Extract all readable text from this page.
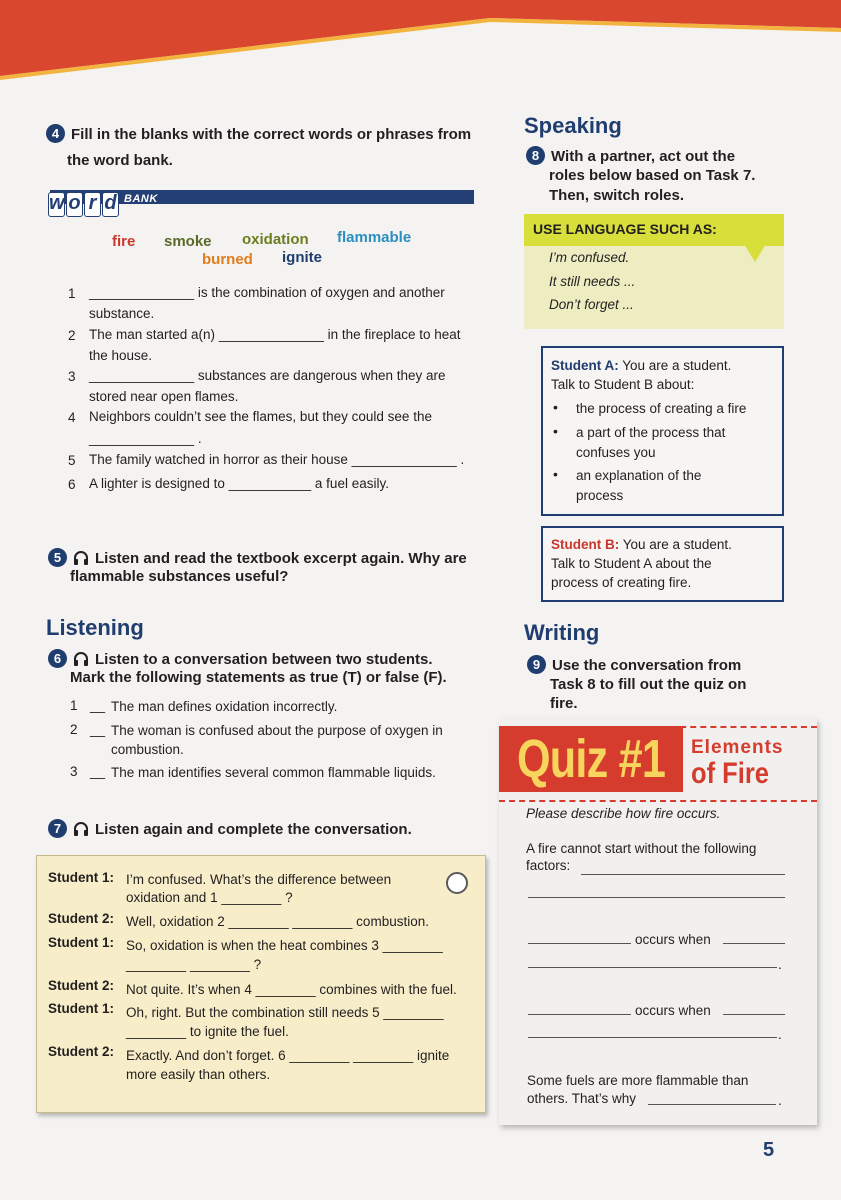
4 Fill in the blanks with the correct words or phrases from
the word bank.
w o r d BANK
fire smoke oxidation flammable
burned ignite
1 ______________ is the combination of oxygen and another
substance.
2 The man started a(n) ______________ in the fireplace to heat
the house.
3 ______________ substances are dangerous when they are
stored near open flames.
4 Neighbors couldn’t see the flames, but they could see the
______________ .
5 The family watched in horror as their house ______________ .
6 A lighter is designed to ___________ a fuel easily.
5 Listen and read the textbook excerpt again. Why are
flammable substances useful?
Listening
6 Listen to a conversation between two students.
Mark the following statements as true (T) or false (F).
1 __ The man defines oxidation incorrectly.
2 __ The woman is confused about the purpose of oxygen in
combustion.
3 __ The man identifies several common flammable liquids.
7 Listen again and complete the conversation.
Student 1: I’m confused. What’s the difference between
oxidation and 1 ________ ?
Student 2: Well, oxidation 2 ________ ________ combustion.
Student 1: So, oxidation is when the heat combines 3 ________
________ ________ ?
Student 2: Not quite. It’s when 4 ________ combines with the fuel.
Student 1: Oh, right. But the combination still needs 5 ________
________ to ignite the fuel.
Student 2: Exactly. And don’t forget. 6 ________ ________ ignite
more easily than others.
Speaking
8 With a partner, act out the
roles below based on Task 7.
Then, switch roles.
USE LANGUAGE SUCH AS:
I’m confused.
It still needs ...
Don’t forget ...
Student A: You are a student.
Talk to Student B about:
• the process of creating a fire
• a part of the process that
confuses you
• an explanation of the
process
Student B: You are a student.
Talk to Student A about the
process of creating fire.
Writing
9 Use the conversation from
Task 8 to fill out the quiz on
fire.
Quiz #1 Elements
of Fire
Please describe how fire occurs.
A fire cannot start without the following
factors:
occurs when
.
occurs when
.
Some fuels are more flammable than
others. That’s why	.
5
